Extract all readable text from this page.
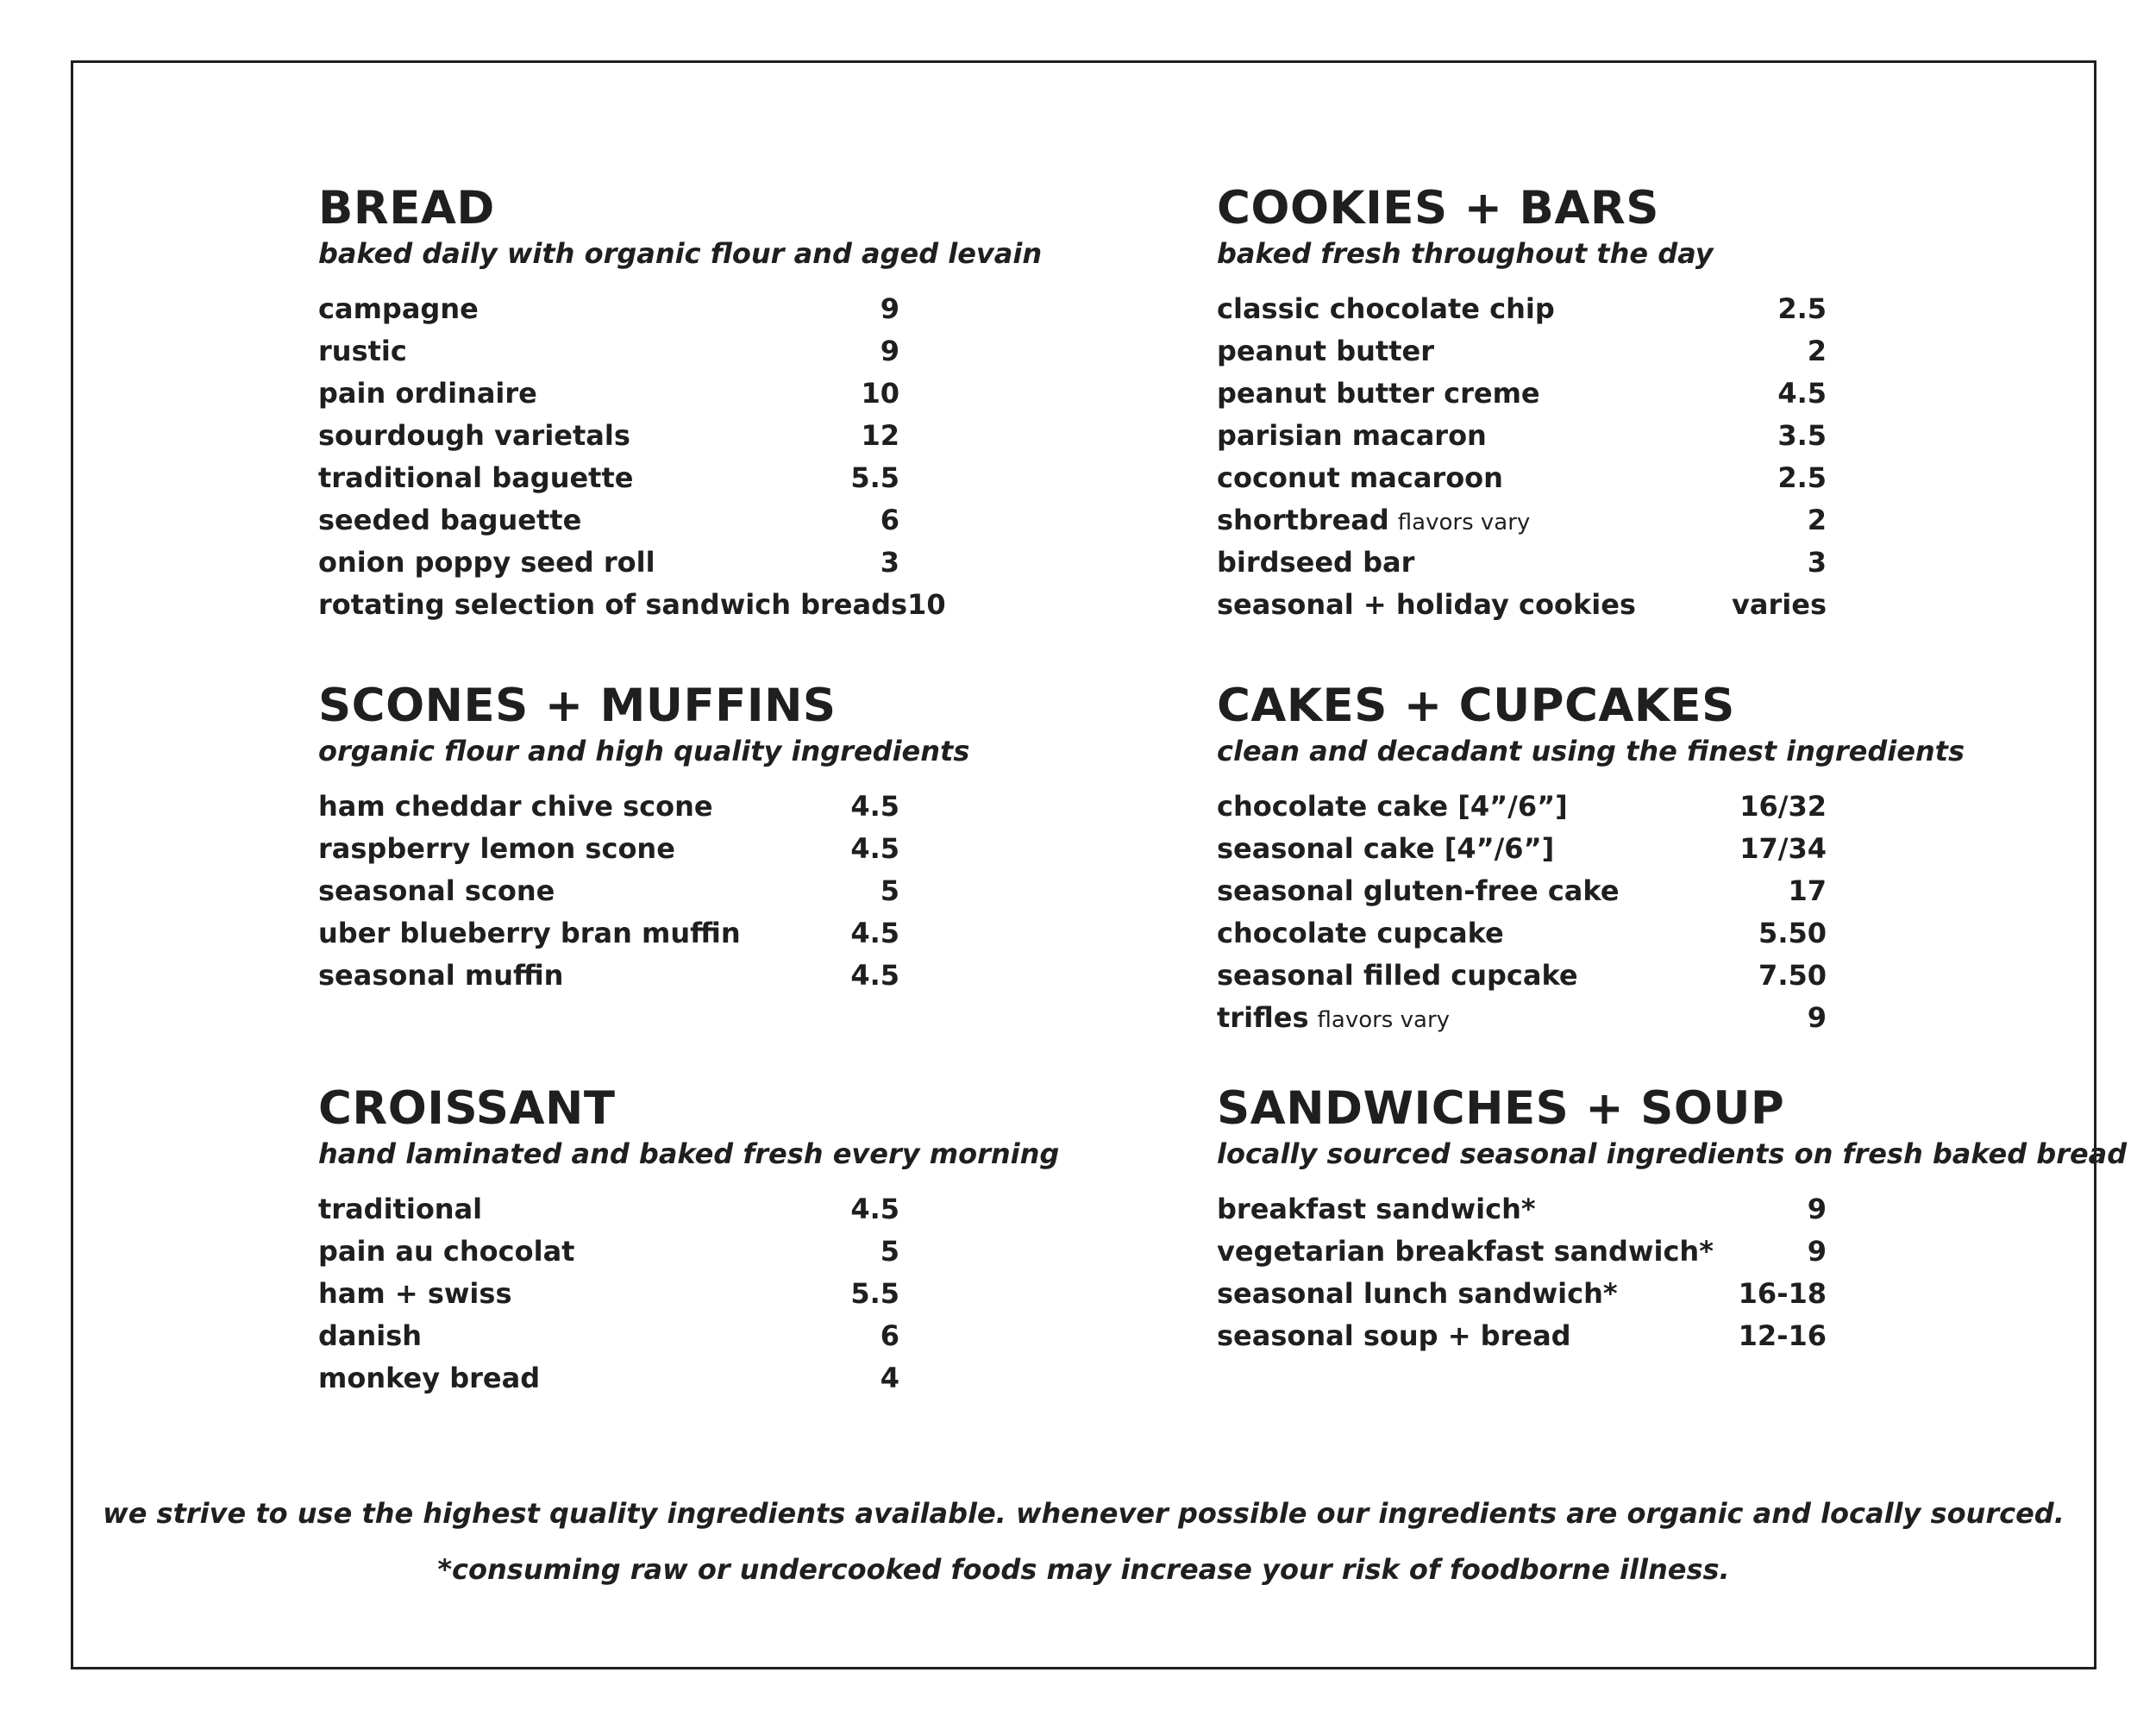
BREAD

baked daily with organic flour and aged levain

campagne	9
rustic	9
pain ordinaire	10
sourdough varietals	12
traditional baguette	5.5
seeded baguette	6
onion poppy seed roll	3
rotating selection of sandwich breads 10
COOKIES + BARS

baked fresh throughout the day

classic chocolate chip	2.5
peanut butter	2
peanut butter creme	4.5
parisian macaron	3.5
coconut macaroon	2.5
shortbread flavors vary	2
birdseed bar	3
seasonal + holiday cookies	varies
SCONES + MUFFINS

organic flour and high quality ingredients

ham cheddar chive scone	4.5
raspberry lemon scone	4.5
seasonal scone	5
uber blueberry bran muffin	4.5
seasonal muffin	4.5
CAKES + CUPCAKES

clean and decadant using the finest ingredients

chocolate cake [4”/6”]	16/32
seasonal cake [4”/6”]	17/34
seasonal gluten-free cake	17
chocolate cupcake	5.50
seasonal filled cupcake	7.50
trifles flavors vary	9
CROISSANT

hand laminated and baked fresh every morning

traditional	4.5
pain au chocolat	5
ham + swiss	5.5
danish	6
monkey bread	4
SANDWICHES + SOUP

locally sourced seasonal ingredients on fresh baked bread

breakfast sandwich*	9
vegetarian breakfast sandwich*	9
seasonal lunch sandwich*	16-18
seasonal soup + bread	12-16
we strive to use the highest quality ingredients available. whenever possible our ingredients are organic and locally sourced.
*consuming raw or undercooked foods may increase your risk of foodborne illness.
